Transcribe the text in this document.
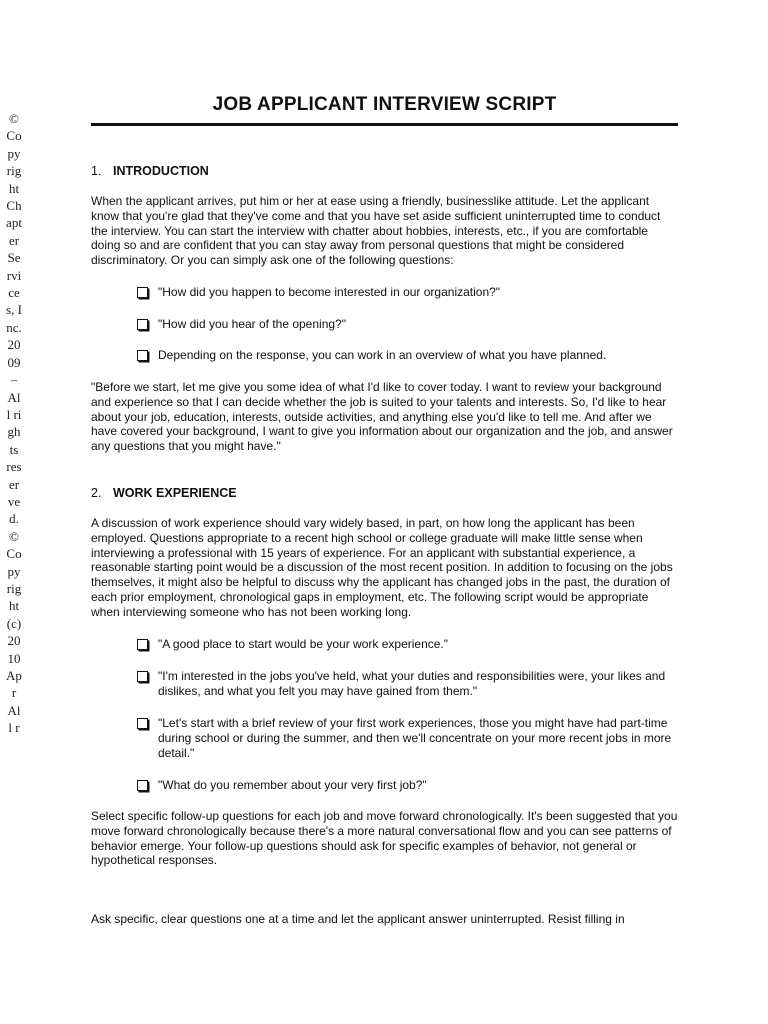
© Copyright Chapter Services, Inc. 2009 – All rights reserved. © Copyright (c) 2010 Apr All r
JOB APPLICANT INTERVIEW SCRIPT
1. INTRODUCTION

When the applicant arrives, put him or her at ease using a friendly, businesslike attitude. Let the applicant know that you're glad that they've come and that you have set aside sufficient uninterrupted time to conduct the interview. You can start the interview with chatter about hobbies, interests, etc., if you are comfortable doing so and are confident that you can stay away from personal questions that might be considered discriminatory. Or you can simply ask one of the following questions:

"How did you happen to become interested in our organization?"
"How did you hear of the opening?"
Depending on the response, you can work in an overview of what you have planned.

"Before we start, let me give you some idea of what I'd like to cover today. I want to review your background and experience so that I can decide whether the job is suited to your talents and interests. So, I'd like to hear about your job, education, interests, outside activities, and anything else you'd like to tell me. And after we have covered your background, I want to give you information about our organization and the job, and answer any questions that you might have."

2. WORK EXPERIENCE

A discussion of work experience should vary widely based, in part, on how long the applicant has been employed. Questions appropriate to a recent high school or college graduate will make little sense when interviewing a professional with 15 years of experience. For an applicant with substantial experience, a reasonable starting point would be a discussion of the most recent position. In addition to focusing on the jobs themselves, it might also be helpful to discuss why the applicant has changed jobs in the past, the duration of each prior employment, chronological gaps in employment, etc. The following script would be appropriate when interviewing someone who has not been working long.

"A good place to start would be your work experience."
"I'm interested in the jobs you've held, what your duties and responsibilities were, your likes and dislikes, and what you felt you may have gained from them."
"Let's start with a brief review of your first work experiences, those you might have had part-time during school or during the summer, and then we'll concentrate on your more recent jobs in more detail."
"What do you remember about your very first job?"

Select specific follow-up questions for each job and move forward chronologically. It's been suggested that you move forward chronologically because there's a more natural conversational flow and you can see patterns of behavior emerge. Your follow-up questions should ask for specific examples of behavior, not general or hypothetical responses.

Ask specific, clear questions one at a time and let the applicant answer uninterrupted. Resist filling in
